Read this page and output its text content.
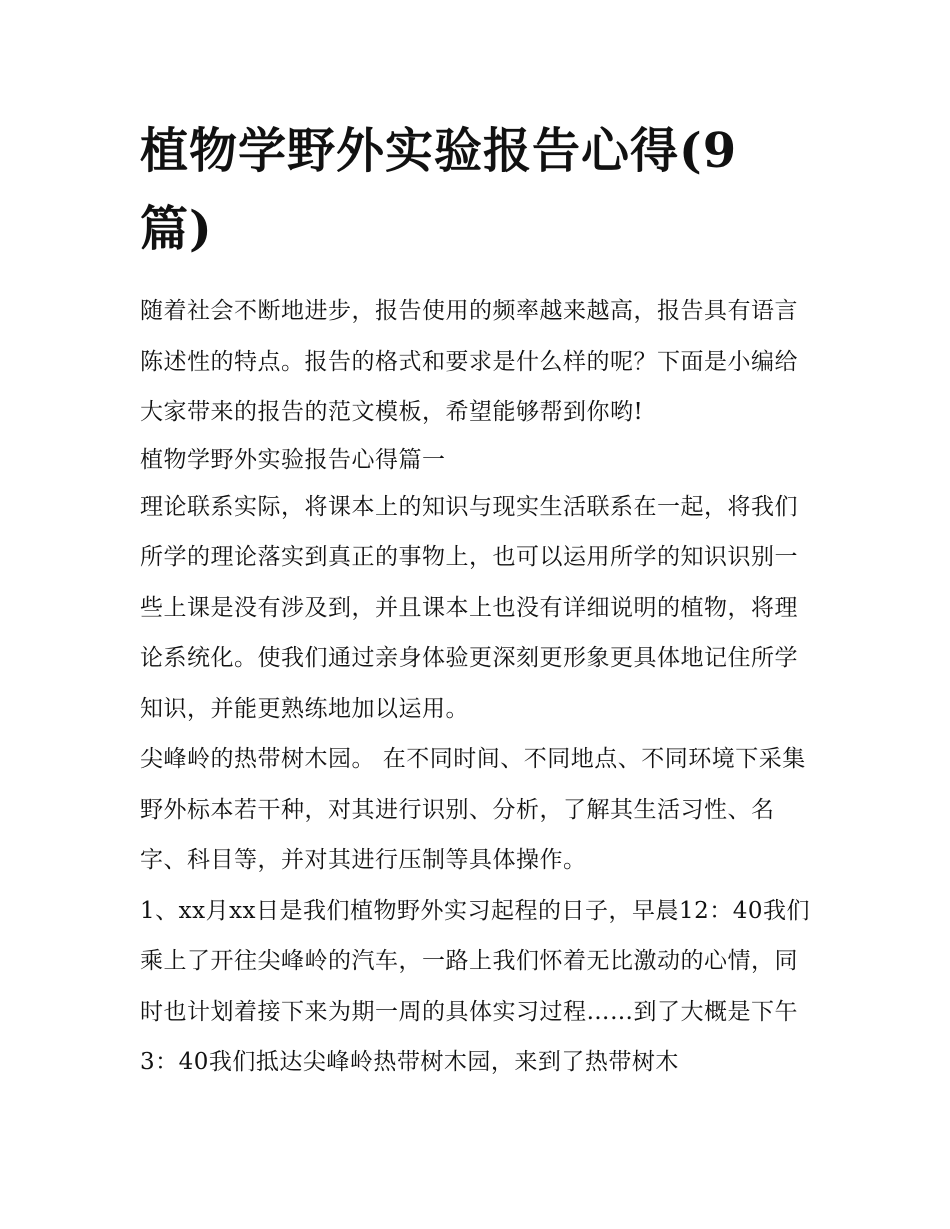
植物学野外实验报告心得(9篇)

随着社会不断地进步，报告使用的频率越来越高，报告具有语言陈述性的特点。报告的格式和要求是什么样的呢？下面是小编给大家带来的报告的范文模板，希望能够帮到你哟!

植物学野外实验报告心得篇一

理论联系实际，将课本上的知识与现实生活联系在一起，将我们所学的理论落实到真正的事物上，也可以运用所学的知识识别一些上课是没有涉及到，并且课本上也没有详细说明的植物，将理论系统化。使我们通过亲身体验更深刻更形象更具体地记住所学知识，并能更熟练地加以运用。

尖峰岭的热带树木园。 在不同时间、不同地点、不同环境下采集野外标本若干种，对其进行识别、分析，了解其生活习性、名字、科目等，并对其进行压制等具体操作。

1、xx月xx日是我们植物野外实习起程的日子，早晨12：40我们乘上了开往尖峰岭的汽车，一路上我们怀着无比激动的心情，同时也计划着接下来为期一周的具体实习过程……到了大概是下午3：40我们抵达尖峰岭热带树木园，来到了热带树木
